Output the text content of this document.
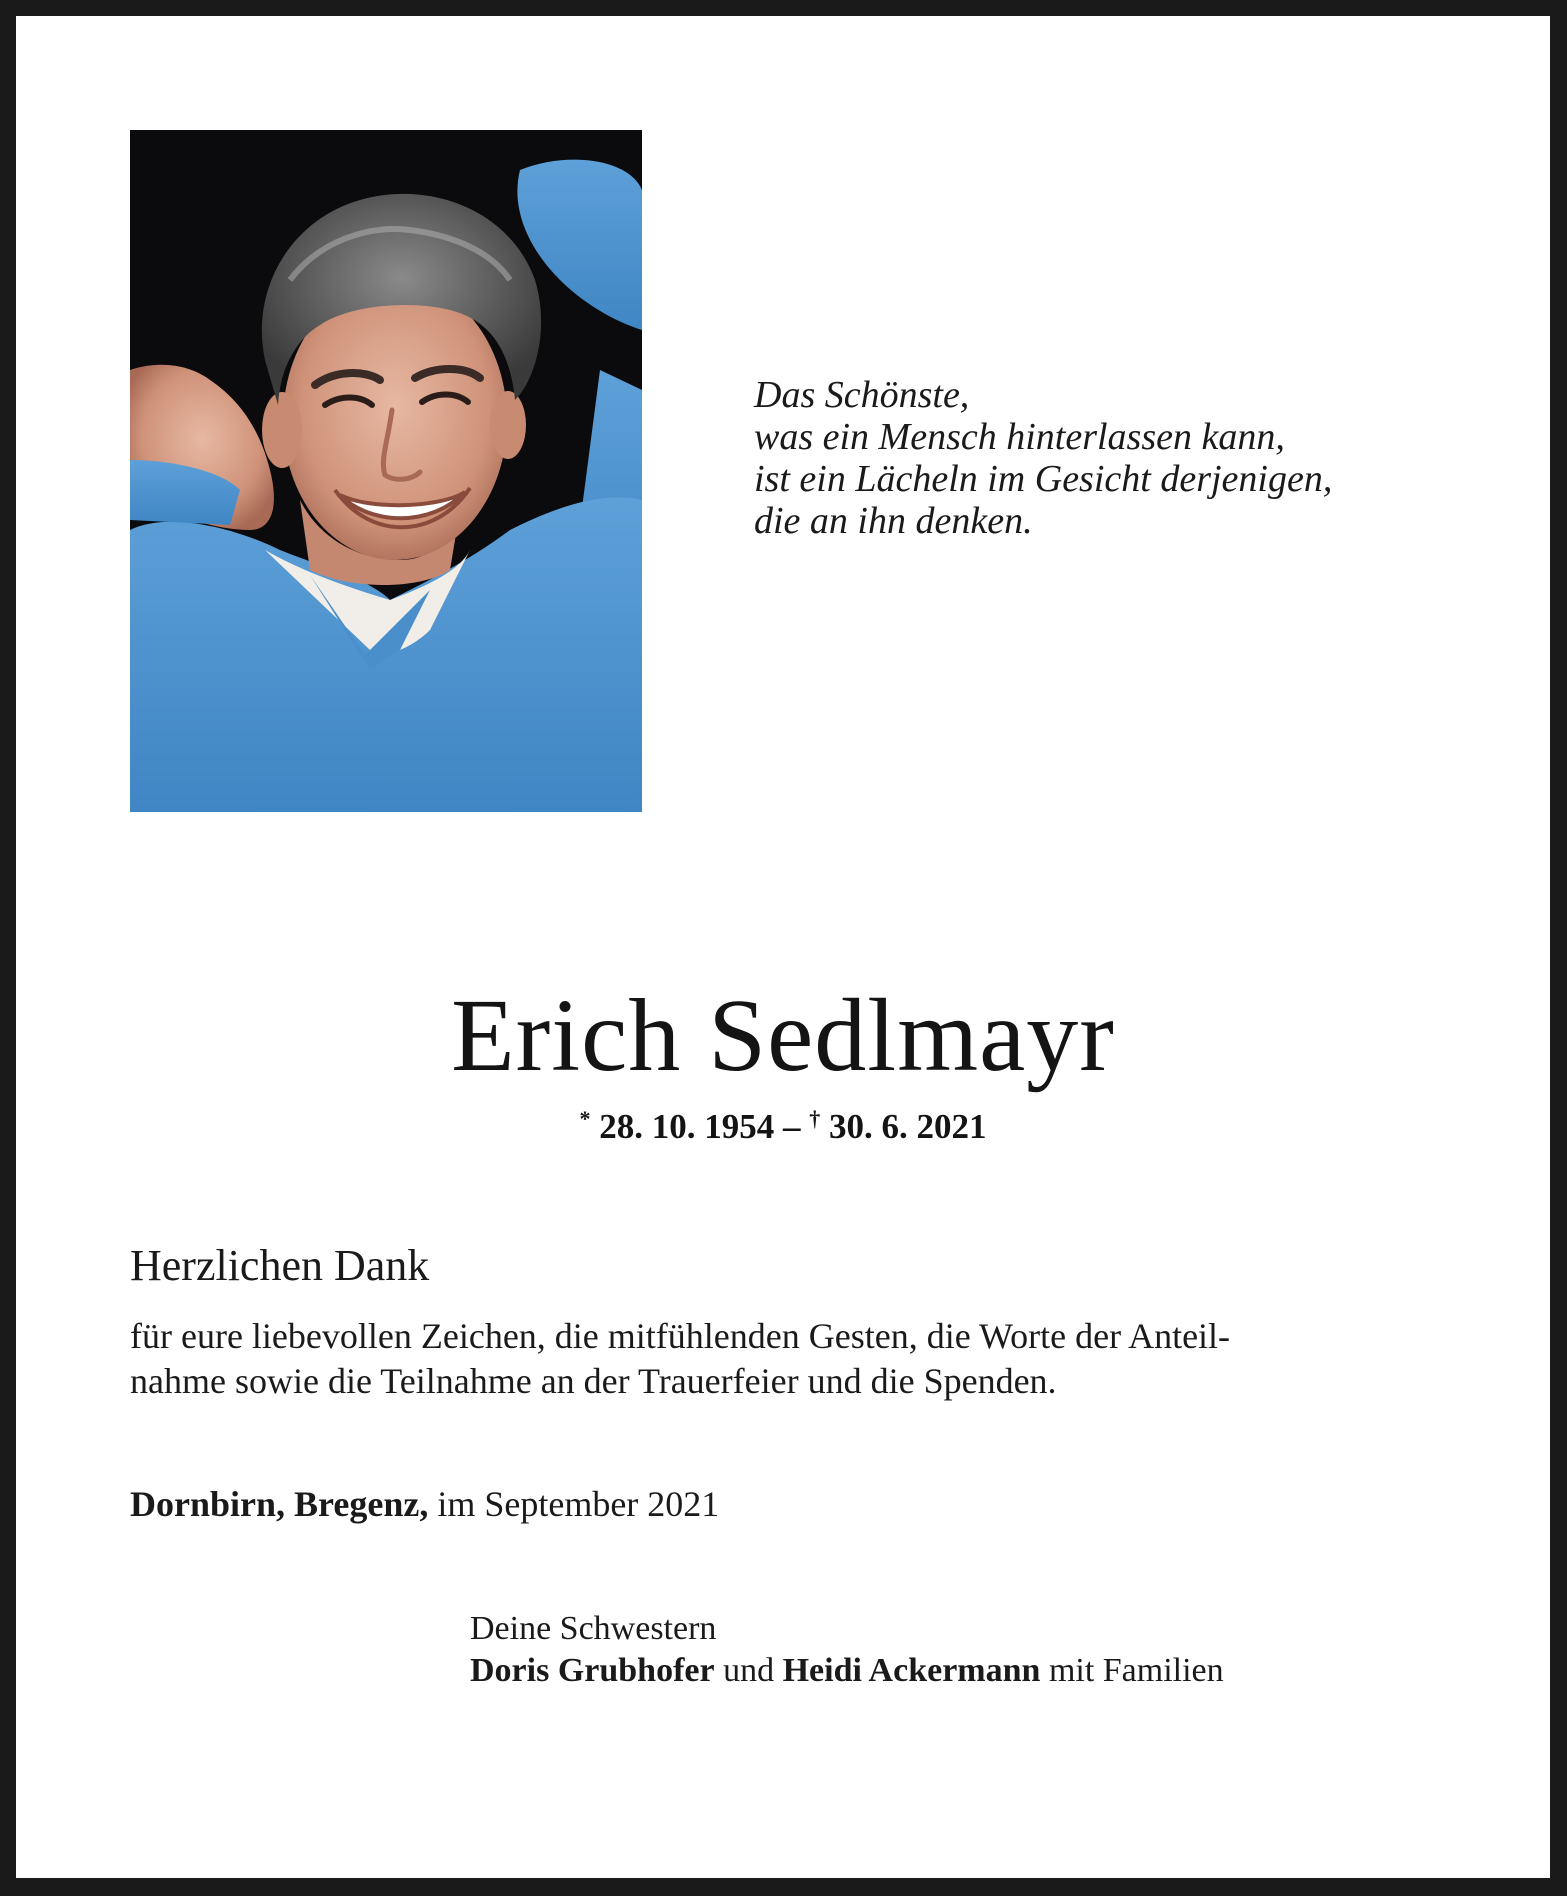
Das Schönste,
was ein Mensch hinterlassen kann,
ist ein Lächeln im Gesicht derjenigen,
die an ihn denken.
Erich Sedlmayr
* 28. 10. 1954 – † 30. 6. 2021
Herzlichen Dank
für eure liebevollen Zeichen, die mitfühlenden Gesten, die Worte der Anteil-
nahme sowie die Teilnahme an der Trauerfeier und die Spenden.
Dornbirn, Bregenz, im September 2021
Deine Schwestern
Doris Grubhofer und Heidi Ackermann mit Familien
